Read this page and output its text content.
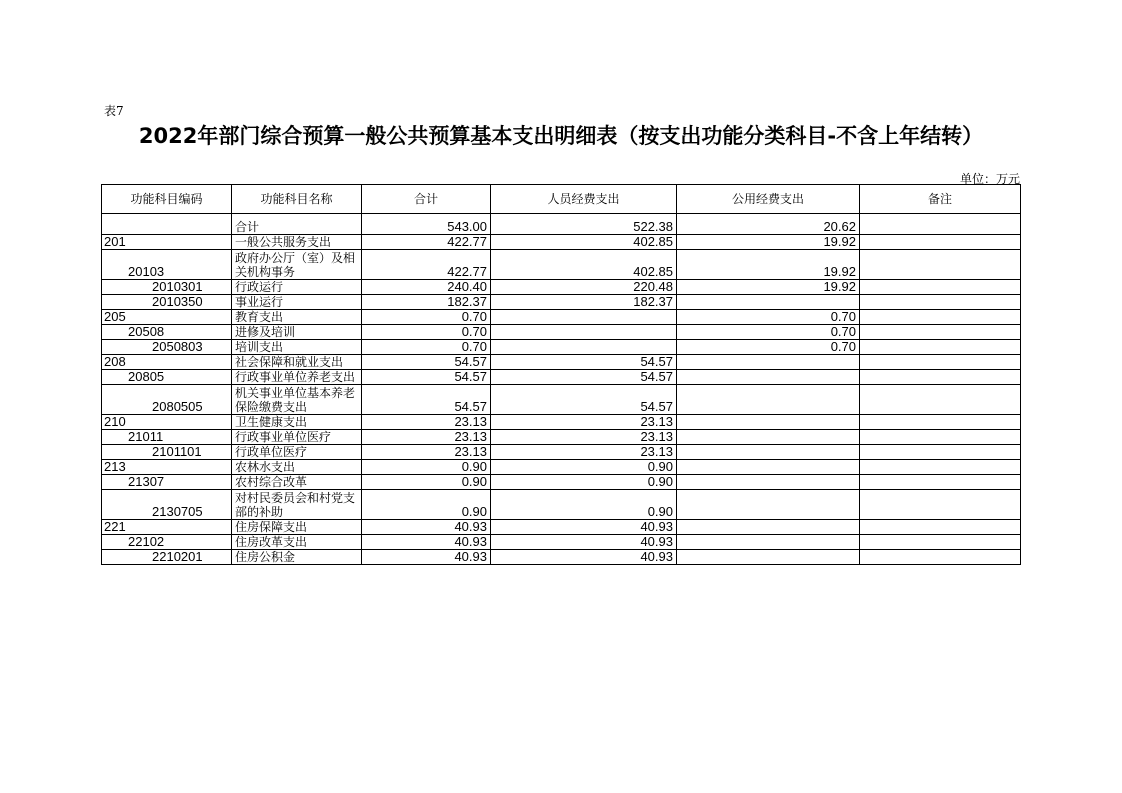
表7
2022年部门综合预算一般公共预算基本支出明细表（按支出功能分类科目-不含上年结转）
单位：万元
功能科目编码	功能科目名称	合计	人员经费支出	公用经费支出	备注
	合计	543.00	522.38	20.62	
201	一般公共服务支出	422.77	402.85	19.92	
20103	政府办公厅（室）及相关机构事务	422.77	402.85	19.92	
2010301	行政运行	240.40	220.48	19.92	
2010350	事业运行	182.37	182.37		
205	教育支出	0.70		0.70	
20508	进修及培训	0.70		0.70	
2050803	培训支出	0.70		0.70	
208	社会保障和就业支出	54.57	54.57		
20805	行政事业单位养老支出	54.57	54.57		
2080505	机关事业单位基本养老保险缴费支出	54.57	54.57		
210	卫生健康支出	23.13	23.13		
21011	行政事业单位医疗	23.13	23.13		
2101101	行政单位医疗	23.13	23.13		
213	农林水支出	0.90	0.90		
21307	农村综合改革	0.90	0.90		
2130705	对村民委员会和村党支部的补助	0.90	0.90		
221	住房保障支出	40.93	40.93		
22102	住房改革支出	40.93	40.93		
2210201	住房公积金	40.93	40.93		
